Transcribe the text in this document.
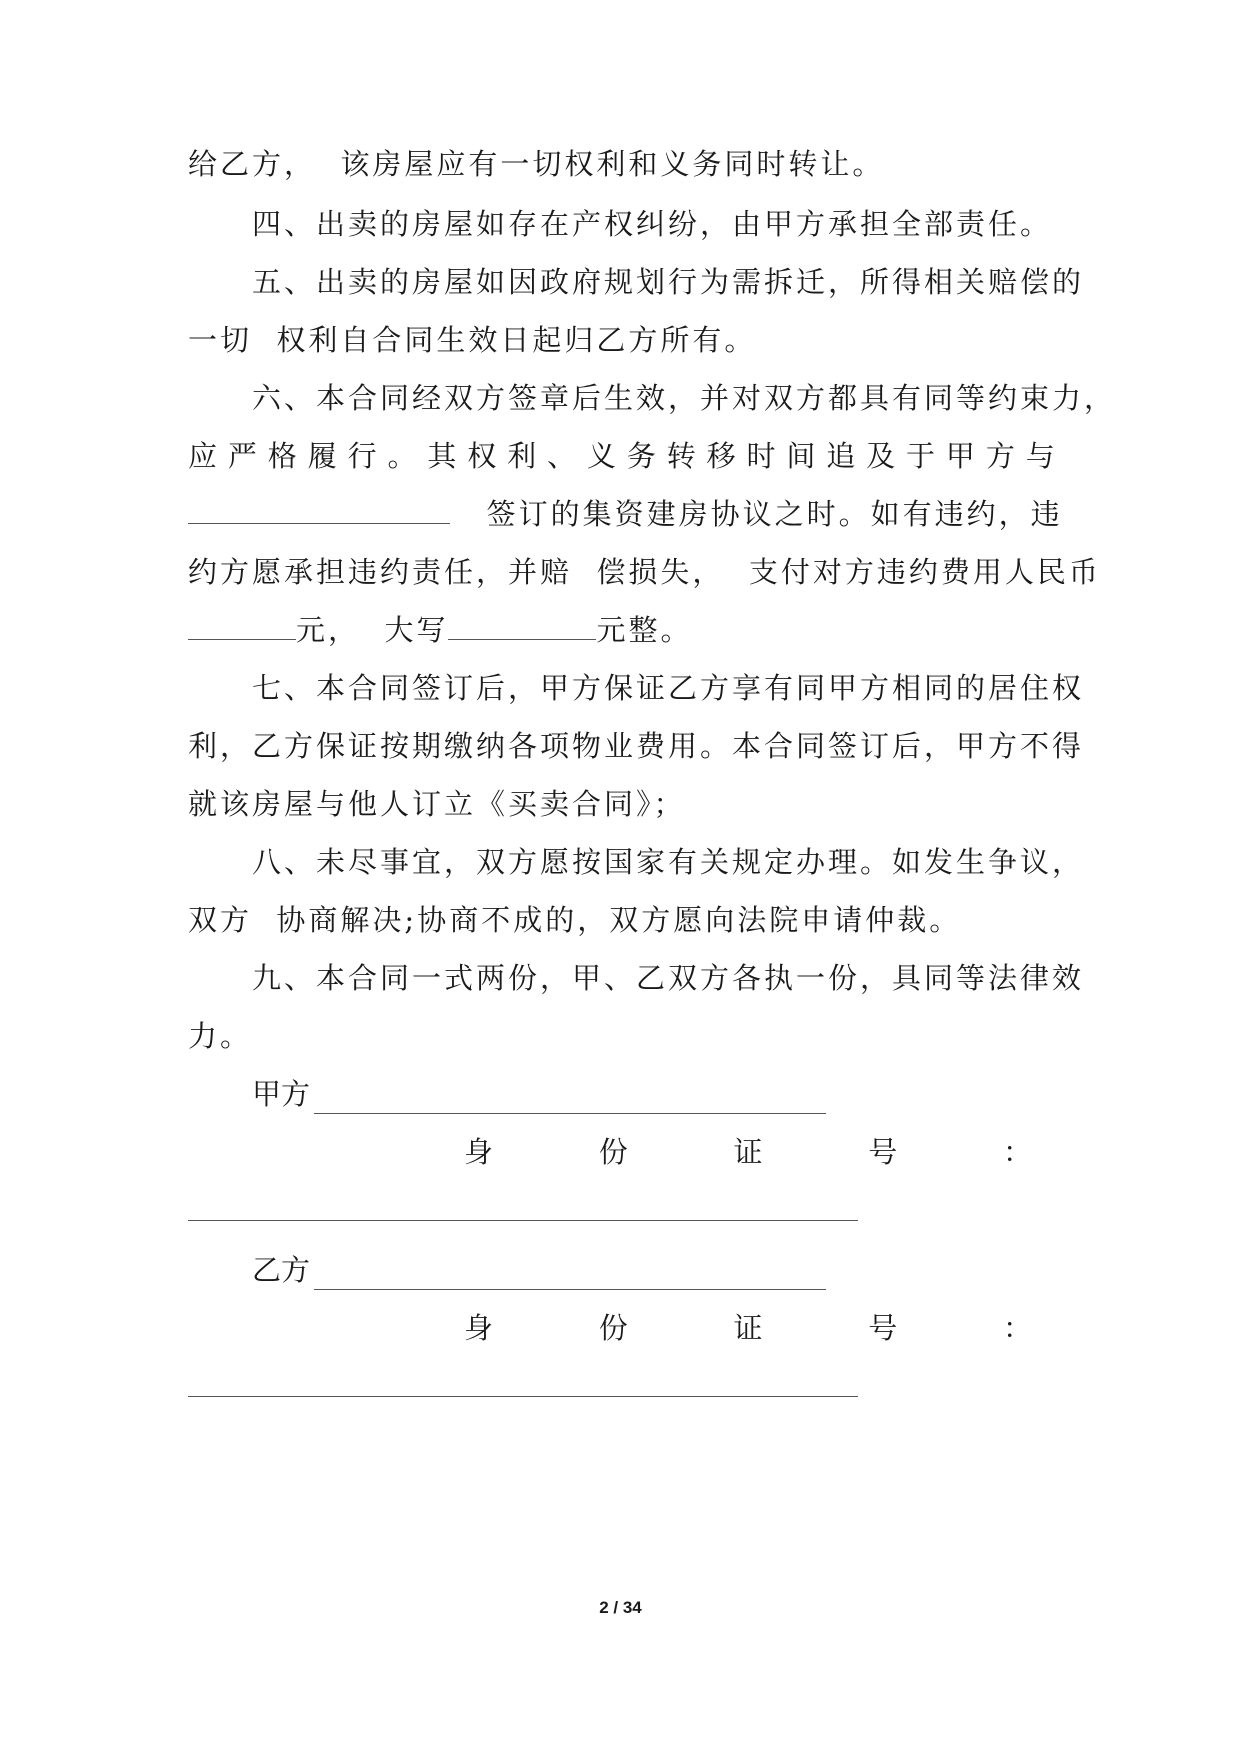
给乙方，  该房屋应有一切权利和义务同时转让。
四、出卖的房屋如存在产权纠纷，由甲方承担全部责任。
五、出卖的房屋如因政府规划行为需拆迁，所得相关赔偿的
一切  权利自合同生效日起归乙方所有。
六、本合同经双方签章后生效，并对双方都具有同等约束力，
应 严 格 履 行 。 其 权 利 、 义 务 转 移 时 间 追 及 于 甲 方 与
签订的集资建房协议之时。如有违约，违
约方愿承担违约责任，并赔  偿损失，  支付对方违约费用人民币
元， 大写	元整。
七、本合同签订后，甲方保证乙方享有同甲方相同的居住权
利，乙方保证按期缴纳各项物业费用。本合同签订后，甲方不得
就该房屋与他人订立《买卖合同》；
八、未尽事宜，双方愿按国家有关规定办理。如发生争议，
双方  协商解决;协商不成的，双方愿向法院申请仲裁。
九、本合同一式两份，甲、乙双方各执一份，具同等法律效
力。
甲方
身	份	证	号	：
乙方
身	份	证	号	：
2 / 34
